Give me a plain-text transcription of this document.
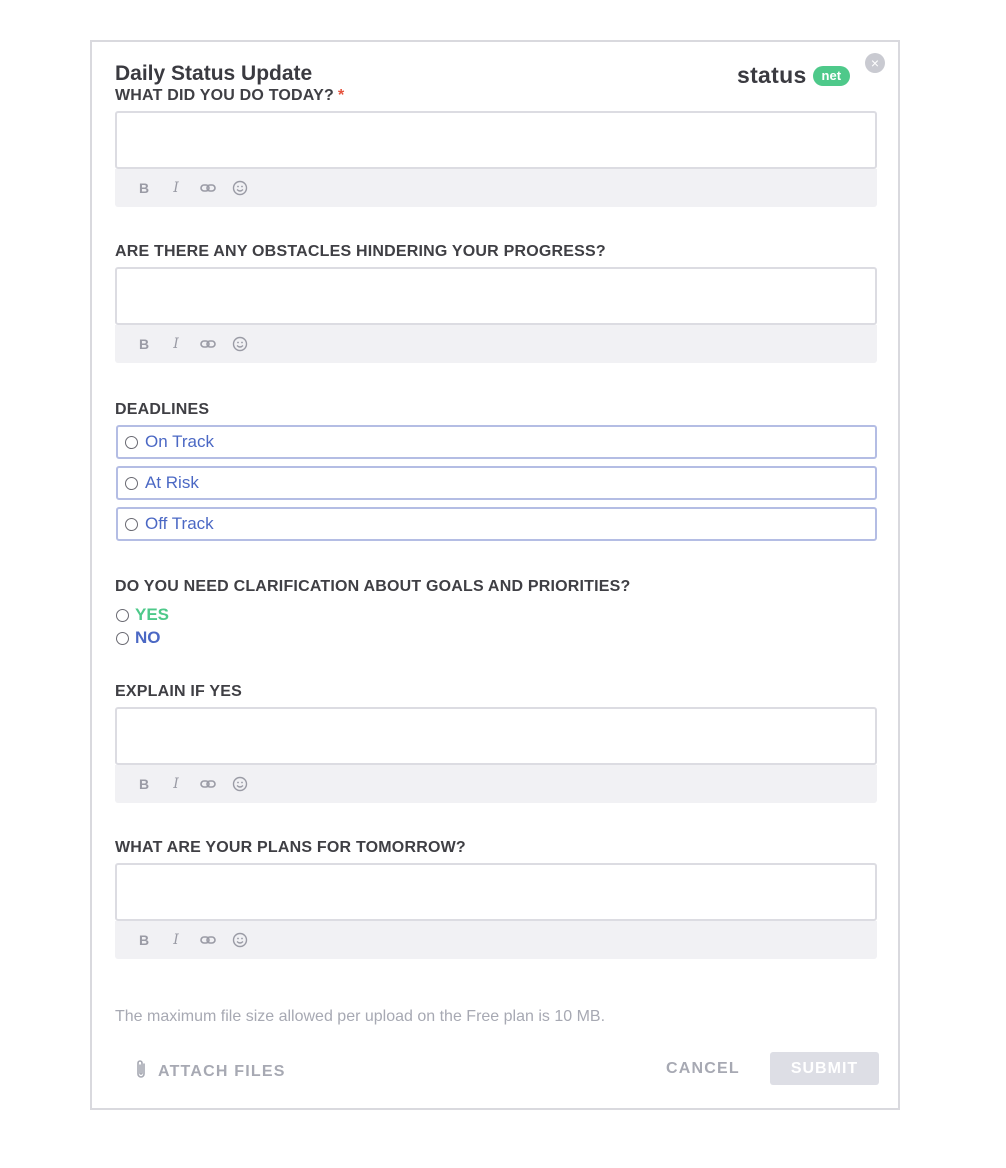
×
Daily Status Update	status	net
WHAT DID YOU DO TODAY? *
B	I
ARE THERE ANY OBSTACLES HINDERING YOUR PROGRESS?
B	I
DEADLINES
On Track
At Risk
Off Track
DO YOU NEED CLARIFICATION ABOUT GOALS AND PRIORITIES?
YES
NO
EXPLAIN IF YES
B	I
WHAT ARE YOUR PLANS FOR TOMORROW?
B	I
The maximum file size allowed per upload on the Free plan is 10 MB.
ATTACH FILES	CANCEL	SUBMIT
